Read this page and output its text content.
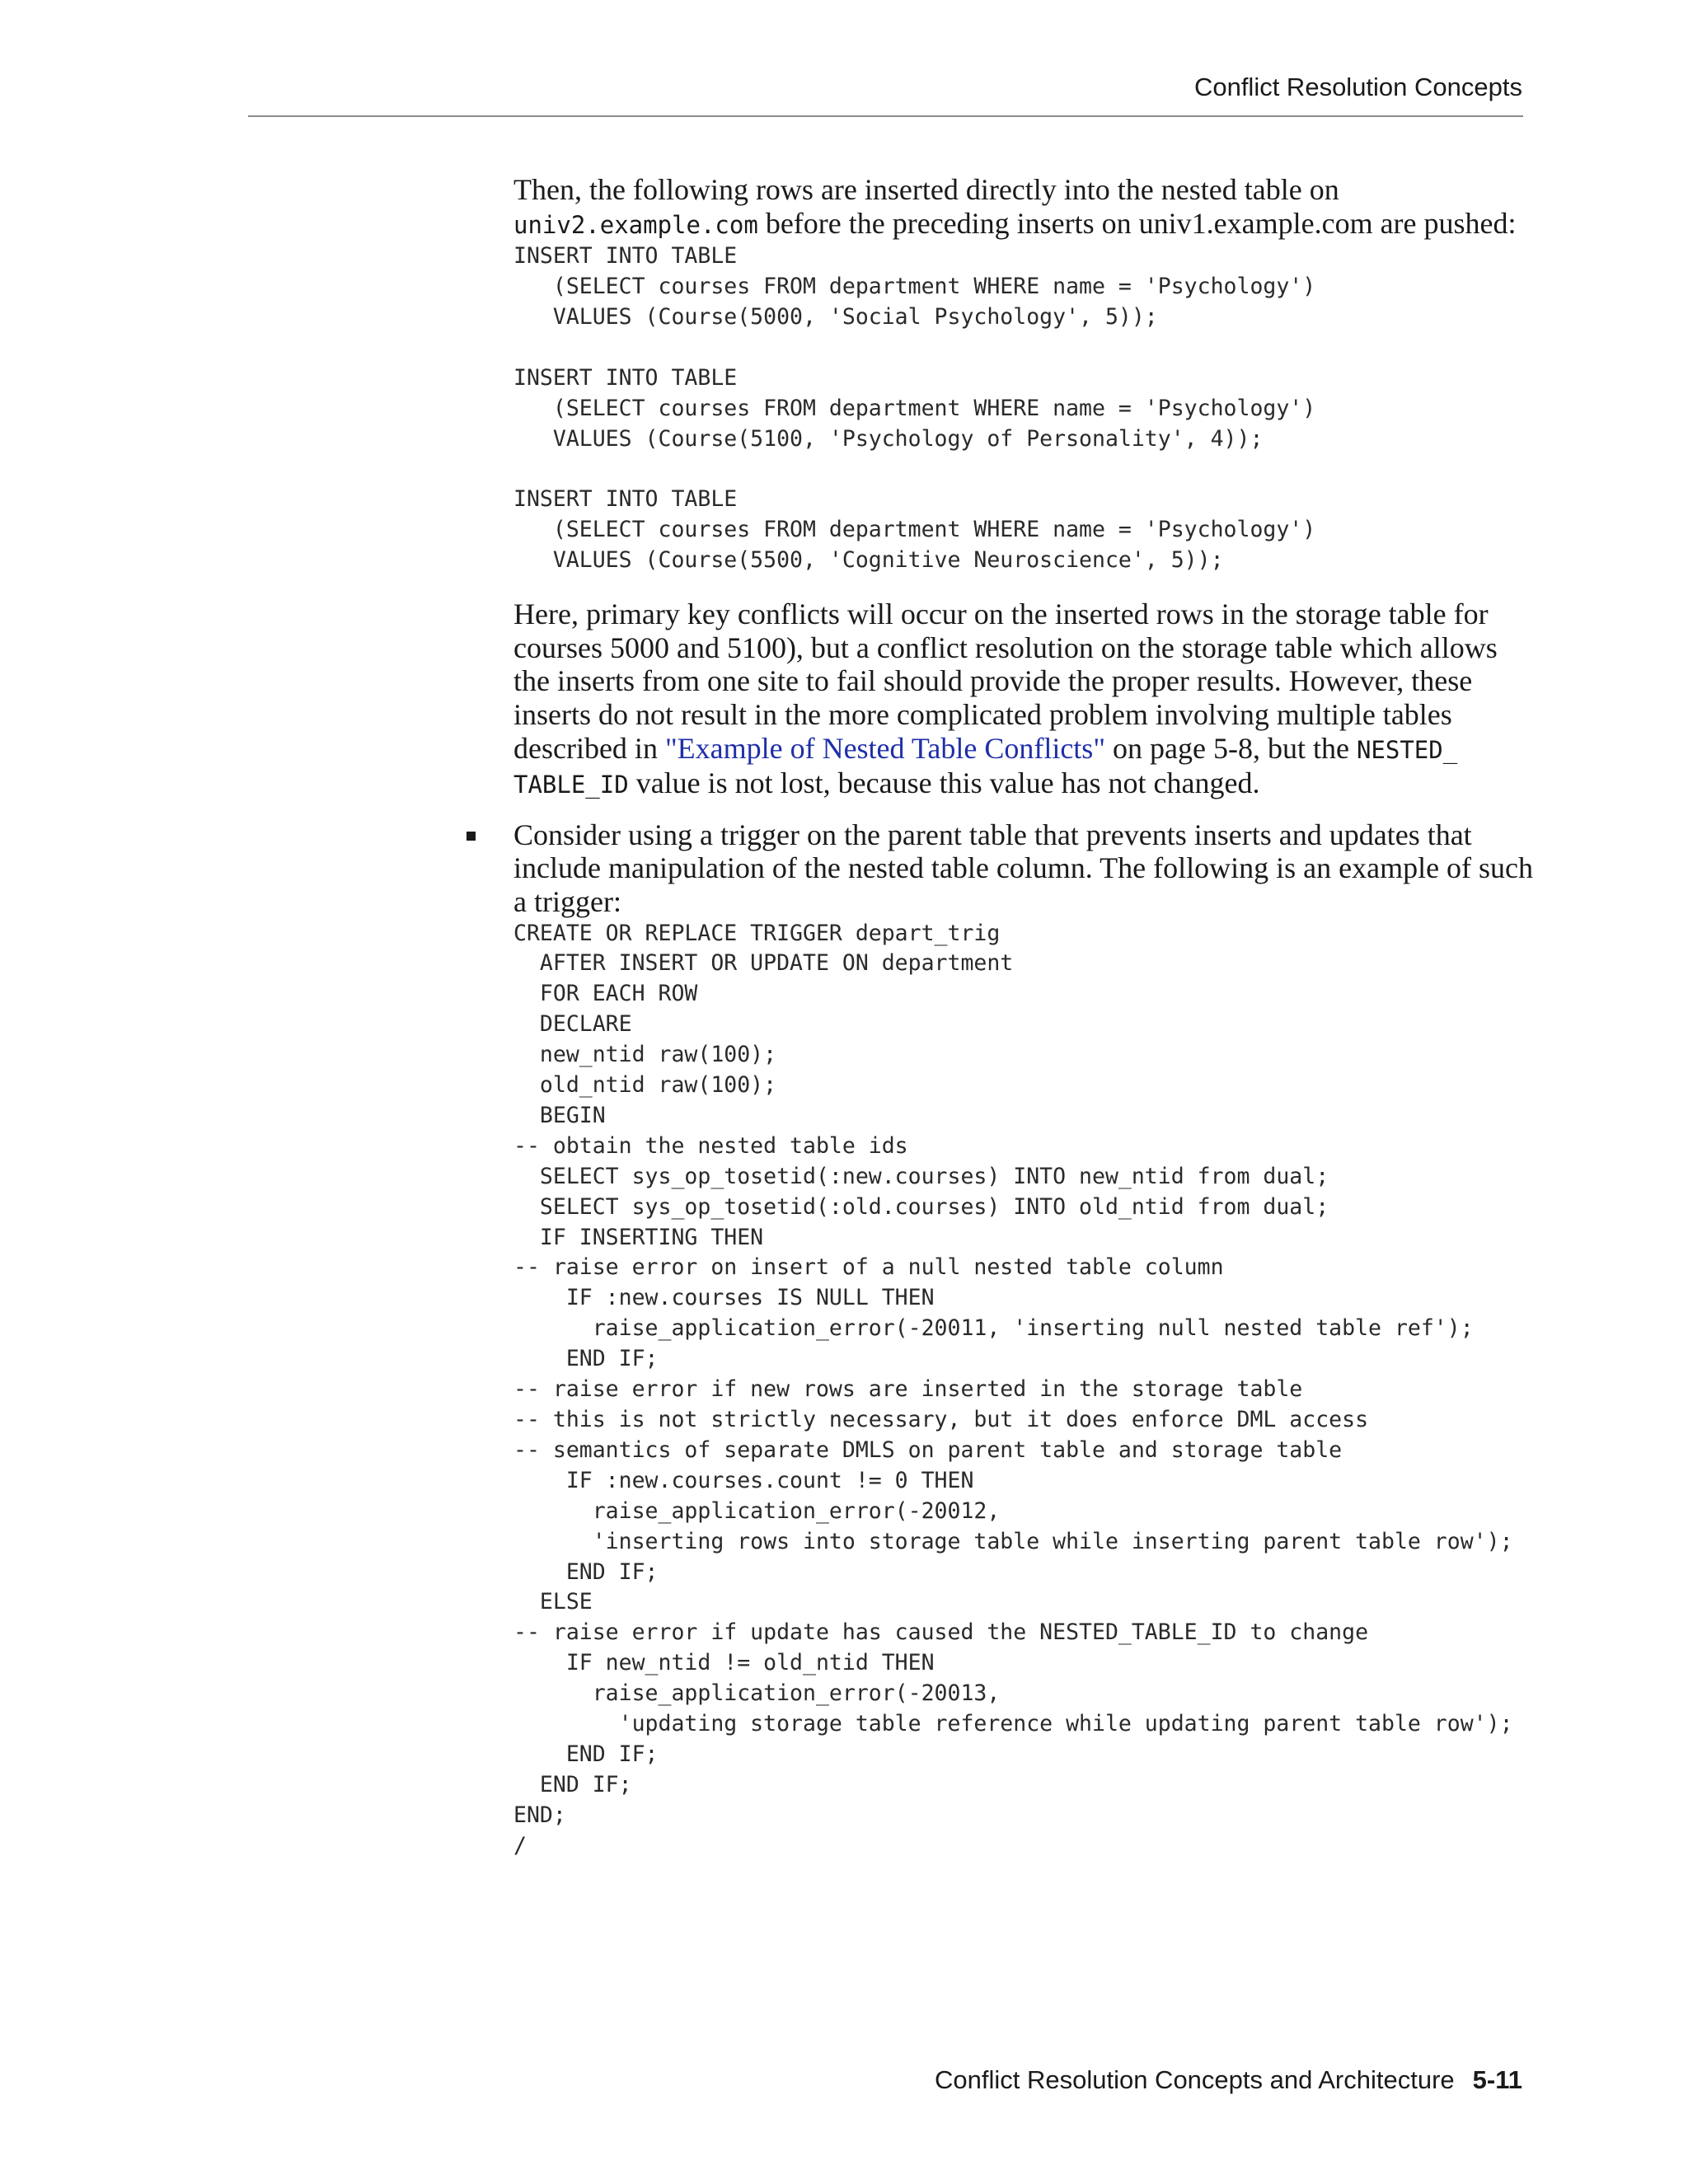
Conflict Resolution Concepts

Then, the following rows are inserted directly into the nested table on
univ2.example.com before the preceding inserts on univ1.example.com are pushed:

INSERT INTO TABLE
(SELECT courses FROM department WHERE name = 'Psychology')
VALUES (Course(5000, 'Social Psychology', 5));

INSERT INTO TABLE
(SELECT courses FROM department WHERE name = 'Psychology')
VALUES (Course(5100, 'Psychology of Personality', 4));

INSERT INTO TABLE
(SELECT courses FROM department WHERE name = 'Psychology')
VALUES (Course(5500, 'Cognitive Neuroscience', 5));

Here, primary key conflicts will occur on the inserted rows in the storage table for courses 5000 and 5100), but a conflict resolution on the storage table which allows the inserts from one site to fail should provide the proper results. However, these inserts do not result in the more complicated problem involving multiple tables described in "Example of Nested Table Conflicts" on page 5-8, but the NESTED_ TABLE_ID value is not lost, because this value has not changed.

Consider using a trigger on the parent table that prevents inserts and updates that include manipulation of the nested table column. The following is an example of such a trigger:

CREATE OR REPLACE TRIGGER depart_trig
AFTER INSERT OR UPDATE ON department
FOR EACH ROW
DECLARE
new_ntid raw(100);
old_ntid raw(100);
BEGIN
-- obtain the nested table ids
SELECT sys_op_tosetid(:new.courses) INTO new_ntid from dual;
SELECT sys_op_tosetid(:old.courses) INTO old_ntid from dual;
IF INSERTING THEN
-- raise error on insert of a null nested table column
IF :new.courses IS NULL THEN
raise_application_error(-20011, 'inserting null nested table ref');
END IF;
-- raise error if new rows are inserted in the storage table
-- this is not strictly necessary, but it does enforce DML access
-- semantics of separate DMLS on parent table and storage table
IF :new.courses.count != 0 THEN
raise_application_error(-20012,
'inserting rows into storage table while inserting parent table row');
END IF;
ELSE
-- raise error if update has caused the NESTED_TABLE_ID to change
IF new_ntid != old_ntid THEN
raise_application_error(-20013,
'updating storage table reference while updating parent table row');
END IF;
END IF;
END;
/
Conflict Resolution Concepts and Architecture 5-11
